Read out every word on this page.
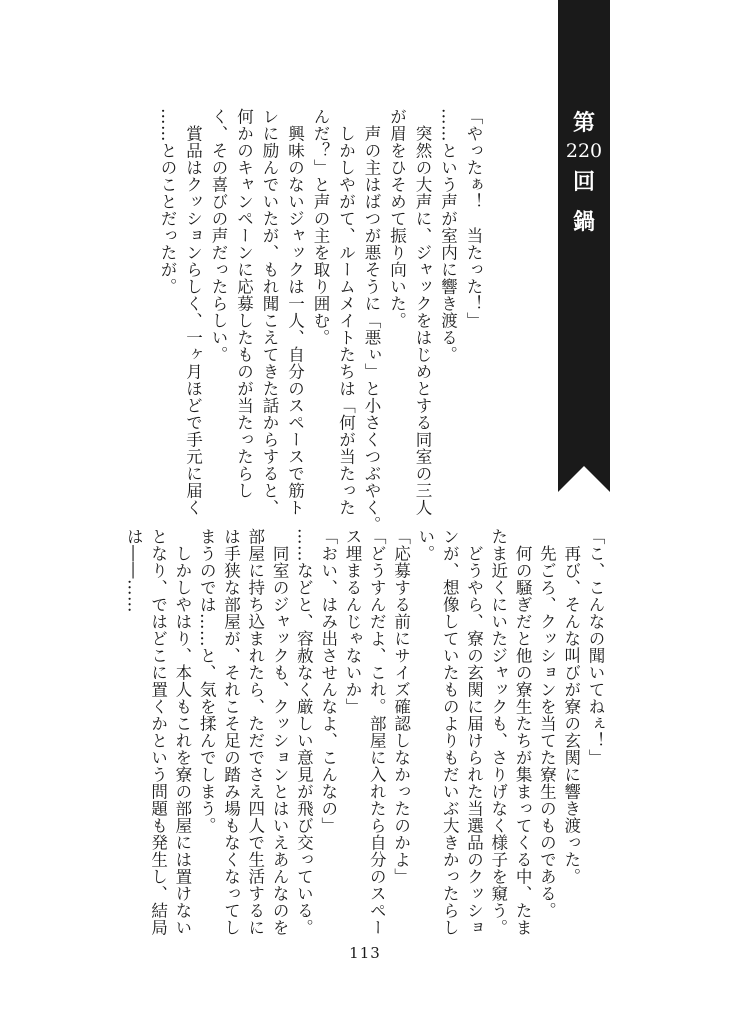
第
220
回
鍋
「やったぁ！　当たった！」
……という声が室内に響き渡る。
　突然の大声に、ジャックをはじめとする同室の三人
が眉をひそめて振り向いた。
　声の主はばつが悪そうに「悪ぃ」と小さくつぶやく。
　しかしやがて、ルームメイトたちは「何が当たった
んだ？」と声の主を取り囲む。
　興味のないジャックは一人、自分のスペースで筋ト
レに励んでいたが、もれ聞こえてきた話からすると、
何かのキャンペーンに応募したものが当たったらし
く、その喜びの声だったらしい。
　賞品はクッションらしく、一ヶ月ほどで手元に届く
……とのことだったが。
「こ、こんなの聞いてねぇ！」
　再び、そんな叫びが寮の玄関に響き渡った。
　先ごろ、クッションを当てた寮生のものである。
　何の騒ぎだと他の寮生たちが集まってくる中、たま
たま近くにいたジャックも、さりげなく様子を窺う。
　どうやら、寮の玄関に届けられた当選品のクッショ
ンが、想像していたものよりもだいぶ大きかったらし
い。
「応募する前にサイズ確認しなかったのかよ」
「どうすんだよ、これ。部屋に入れたら自分のスペー
ス埋まるんじゃないか」
「おい、はみ出させんなよ、こんなの」
……などと、容赦なく厳しい意見が飛び交っている。
　同室のジャックも、クッションとはいえあんなのを
部屋に持ち込まれたら、ただでさえ四人で生活するに
は手狭な部屋が、それこそ足の踏み場もなくなってし
まうのでは……と、気を揉んでしまう。
　しかしやはり、本人もこれを寮の部屋には置けない
となり、ではどこに置くかという問題も発生し、結局
は――……
113
